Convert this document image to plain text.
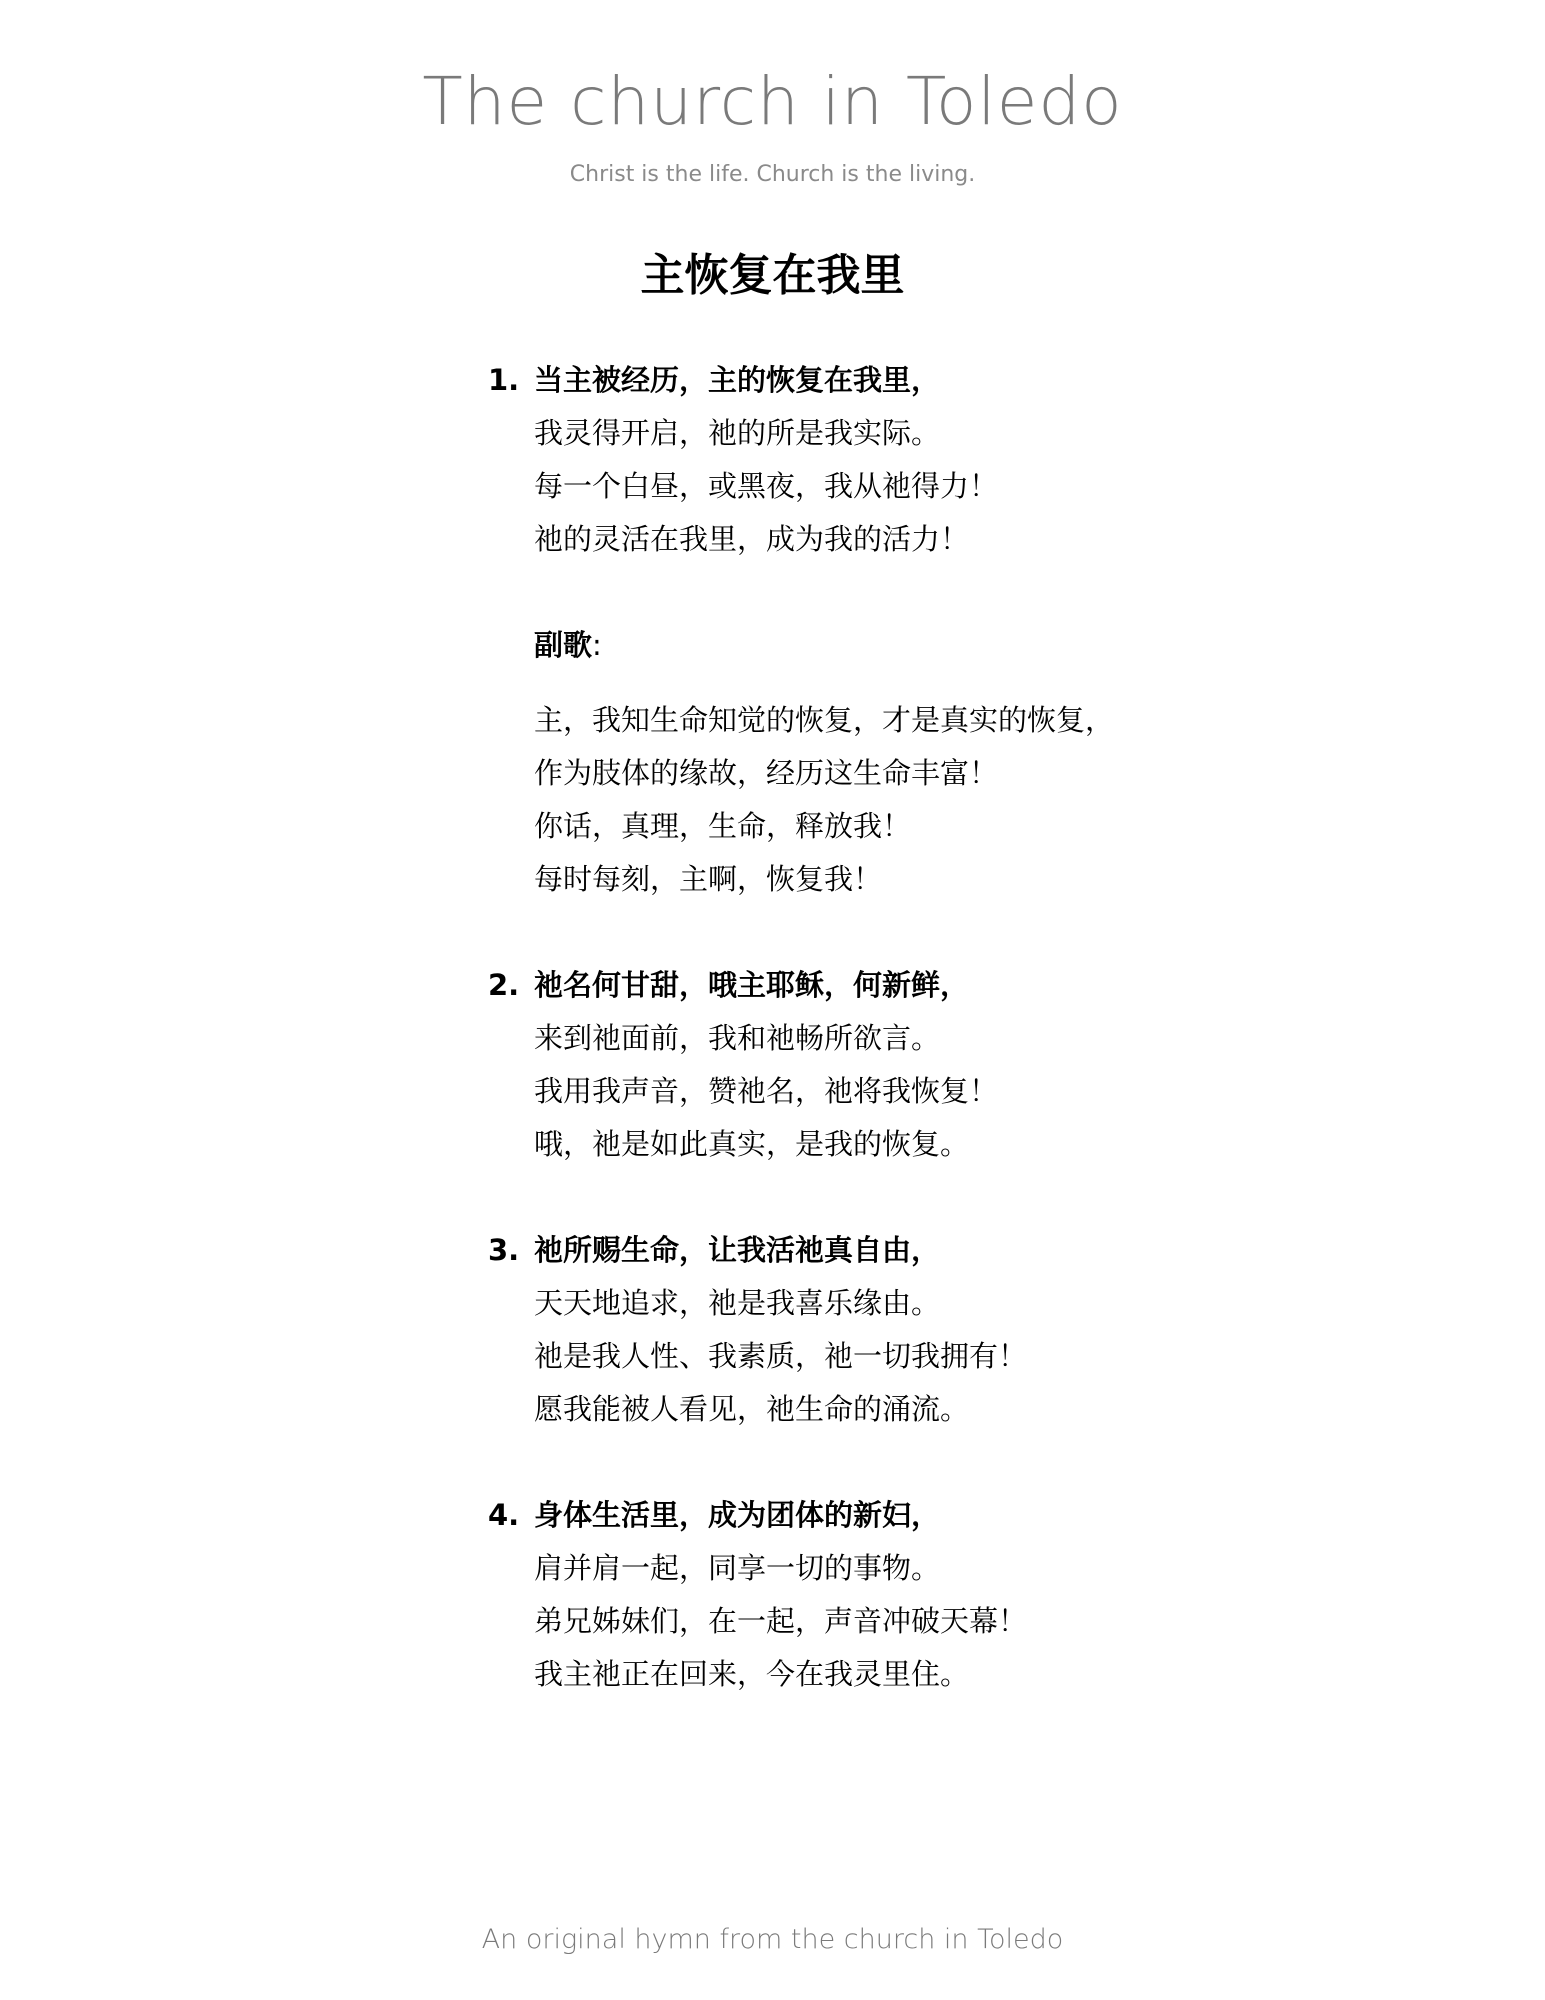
The church in Toledo
Christ is the life. Church is the living.
主恢复在我里
1. 当主被经历，主的恢复在我里，
我灵得开启，祂的所是我实际。
每一个白昼，或黑夜，我从祂得力！
祂的灵活在我里，成为我的活力！
副歌:
主，我知生命知觉的恢复，才是真实的恢复，
作为肢体的缘故，经历这生命丰富！
你话，真理，生命，释放我！
每时每刻，主啊，恢复我！
2. 祂名何甘甜，哦主耶稣，何新鲜，
来到祂面前，我和祂畅所欲言。
我用我声音，赞祂名，祂将我恢复！
哦，祂是如此真实，是我的恢复。
3. 祂所赐生命，让我活祂真自由，
天天地追求，祂是我喜乐缘由。
祂是我人性、我素质，祂一切我拥有！
愿我能被人看见，祂生命的涌流。
4. 身体生活里，成为团体的新妇，
肩并肩一起，同享一切的事物。
弟兄姊妹们，在一起，声音冲破天幕！
我主祂正在回来，今在我灵里住。
An original hymn from the church in Toledo
